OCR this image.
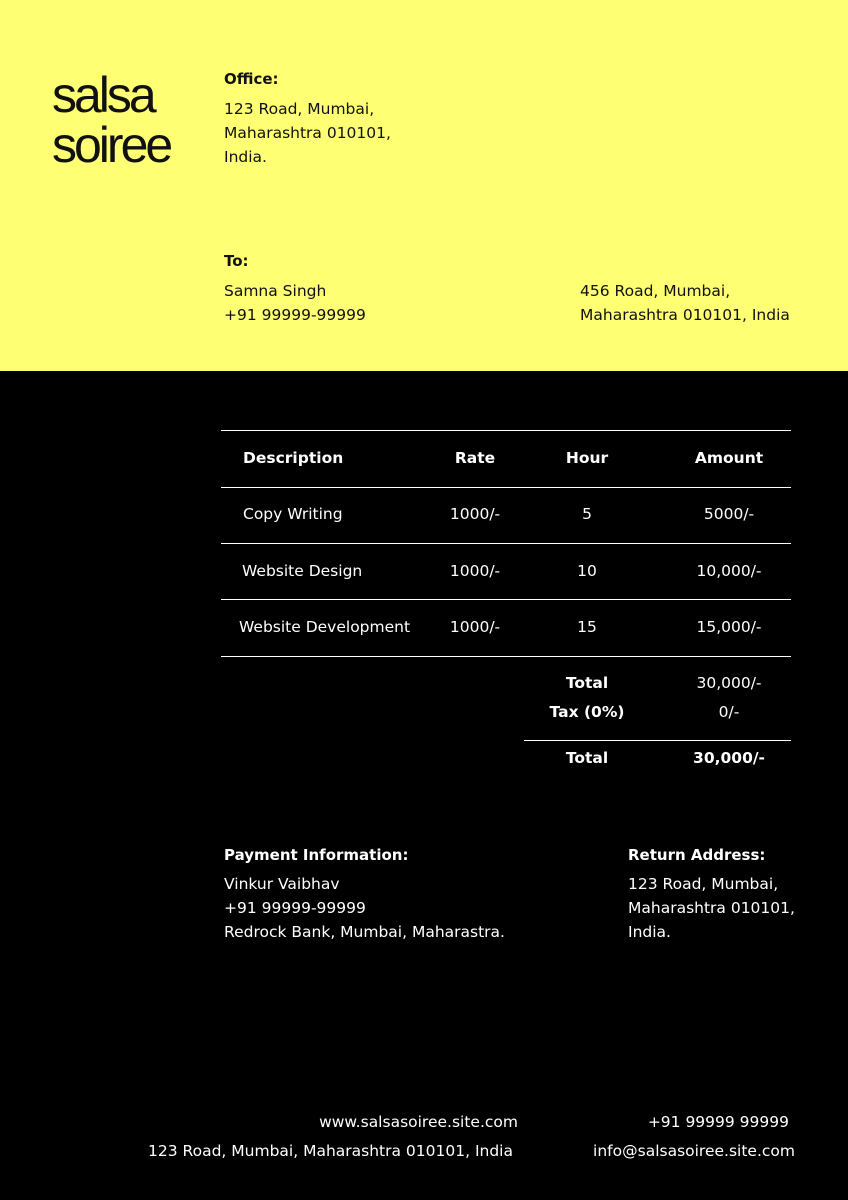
salsa
soiree
Office:
123 Road, Mumbai,
Maharashtra 010101,
India.
To:
Samna Singh
+91 99999-99999
456 Road, Mumbai,
Maharashtra 010101, India
Description	Rate	Hour	Amount
Copy Writing	1000/-	5	5000/-
Website Design	1000/-	10	10,000/-
Website Development	1000/-	15	15,000/-
Total	30,000/-
Tax (0%)	0/-
Total	30,000/-
Payment Information:
Vinkur Vaibhav
+91 99999-99999
Redrock Bank, Mumbai, Maharastra.
Return Address:
123 Road, Mumbai,
Maharashtra 010101,
India.
www.salsasoiree.site.com
123 Road, Mumbai, Maharashtra 010101, India
+91 99999 99999
info@salsasoiree.site.com
